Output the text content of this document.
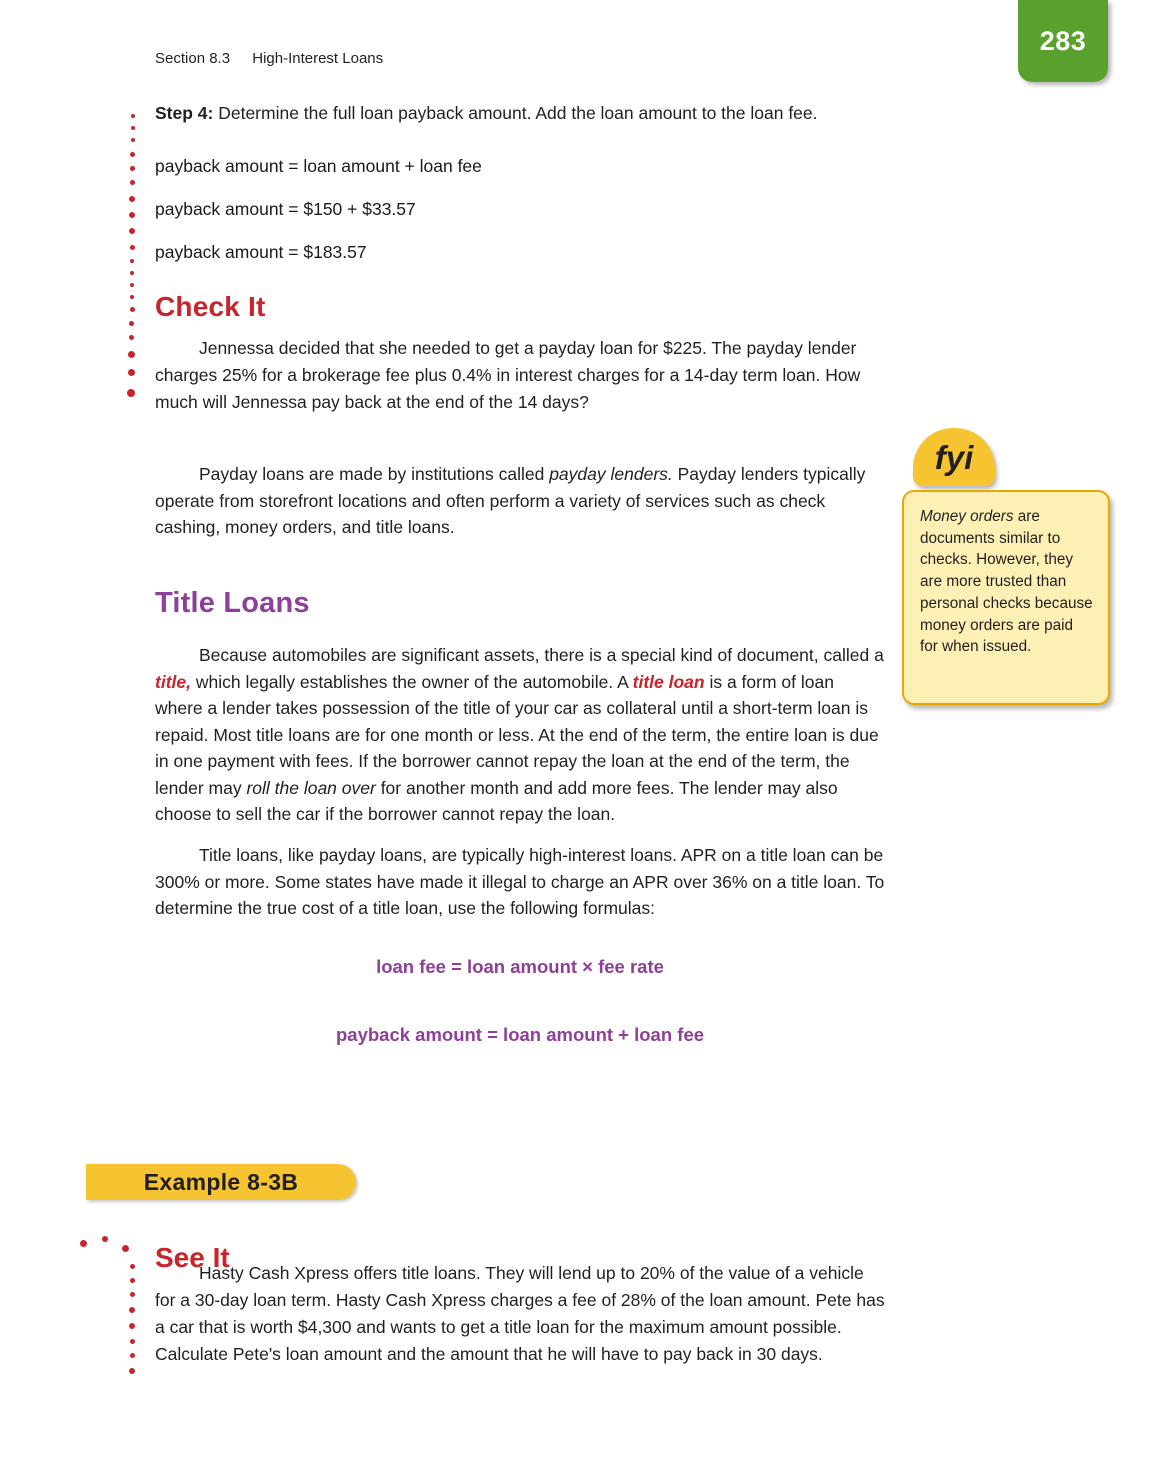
283
Section 8.3 High-Interest Loans

Step 4: Determine the full loan payback amount. Add the loan amount to the loan fee.

payback amount = loan amount + loan fee

payback amount = $150 + $33.57

payback amount = $183.57

Check It

Jennessa decided that she needed to get a payday loan for $225. The payday lender charges 25% for a brokerage fee plus 0.4% in interest charges for a 14-day term loan. How much will Jennessa pay back at the end of the 14 days?

Payday loans are made by institutions called payday lenders. Payday lenders typically operate from storefront locations and often perform a variety of services such as check cashing, money orders, and title loans.

Title Loans

Because automobiles are significant assets, there is a special kind of document, called a title, which legally establishes the owner of the automobile. A title loan is a form of loan where a lender takes possession of the title of your car as collateral until a short-term loan is repaid. Most title loans are for one month or less. At the end of the term, the entire loan is due in one payment with fees. If the borrower cannot repay the loan at the end of the term, the lender may roll the loan over for another month and add more fees. The lender may also choose to sell the car if the borrower cannot repay the loan.

Title loans, like payday loans, are typically high-interest loans. APR on a title loan can be 300% or more. Some states have made it illegal to charge an APR over 36% on a title loan. To determine the true cost of a title loan, use the following formulas:

loan fee = loan amount × fee rate

payback amount = loan amount + loan fee

Example 8-3B
See It

Hasty Cash Xpress offers title loans. They will lend up to 20% of the value of a vehicle for a 30-day loan term. Hasty Cash Xpress charges a fee of 28% of the loan amount. Pete has a car that is worth $4,300 and wants to get a title loan for the maximum amount possible. Calculate Pete's loan amount and the amount that he will have to pay back in 30 days.

fyi

Money orders are documents similar to checks. However, they are more trusted than personal checks because money orders are paid for when issued.
